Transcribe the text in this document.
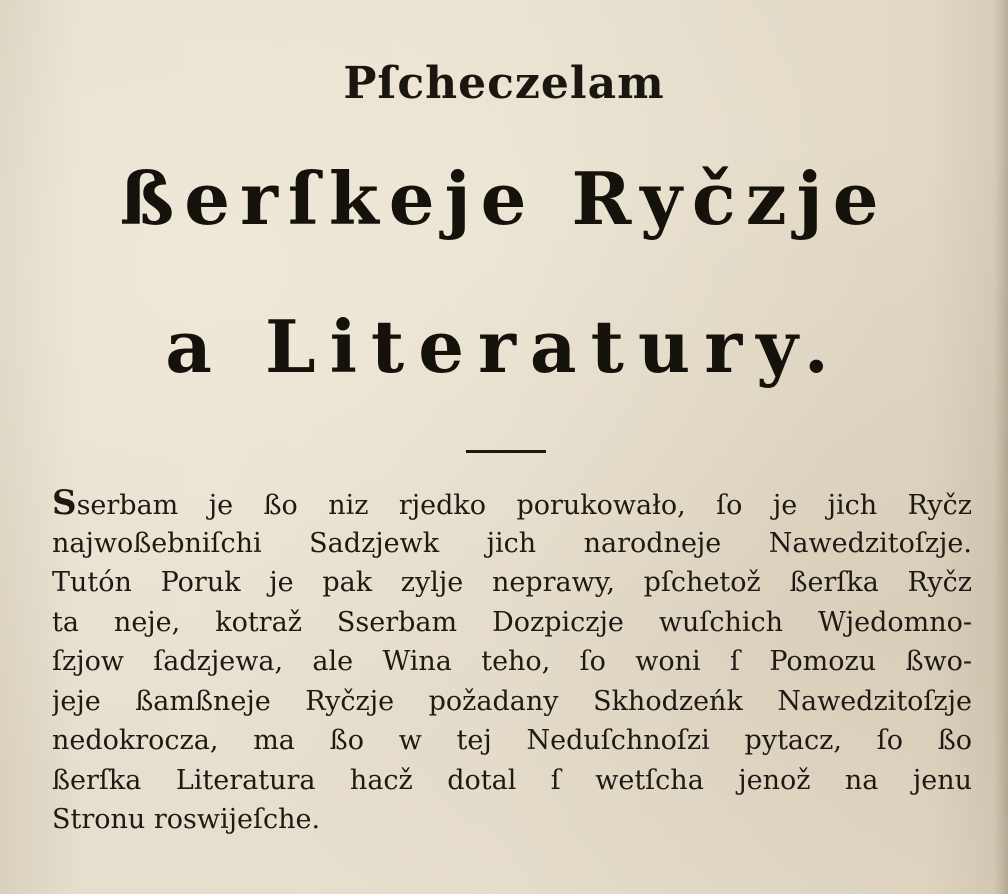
Pſcheczelam
ßerſkeje Ryčzje
a Literatury.
Sserbam je ßo niz rjedko porukowało, ſo je jich Ryčz
najwoßebniſchi Sadzjewk jich narodneje Nawedzitoſzje.
Tutón Poruk je pak zylje neprawy, pſchetož ßerſka Ryčz
ta neje, kotraž Sserbam Dozpiczje wuſchich Wjedomno-
ſzjow ſadzjewa, ale Wina teho, ſo woni ſ Pomozu ßwo-
jeje ßamßneje Ryčzje požadany Skhodzeńk Nawedzitoſzje
nedokrocza, ma ßo w tej Neduſchnoſzi pytacz, ſo ßo
ßerſka Literatura hacž dotal ſ wetſcha jenož na jenu
Stronu roswijeſche.
